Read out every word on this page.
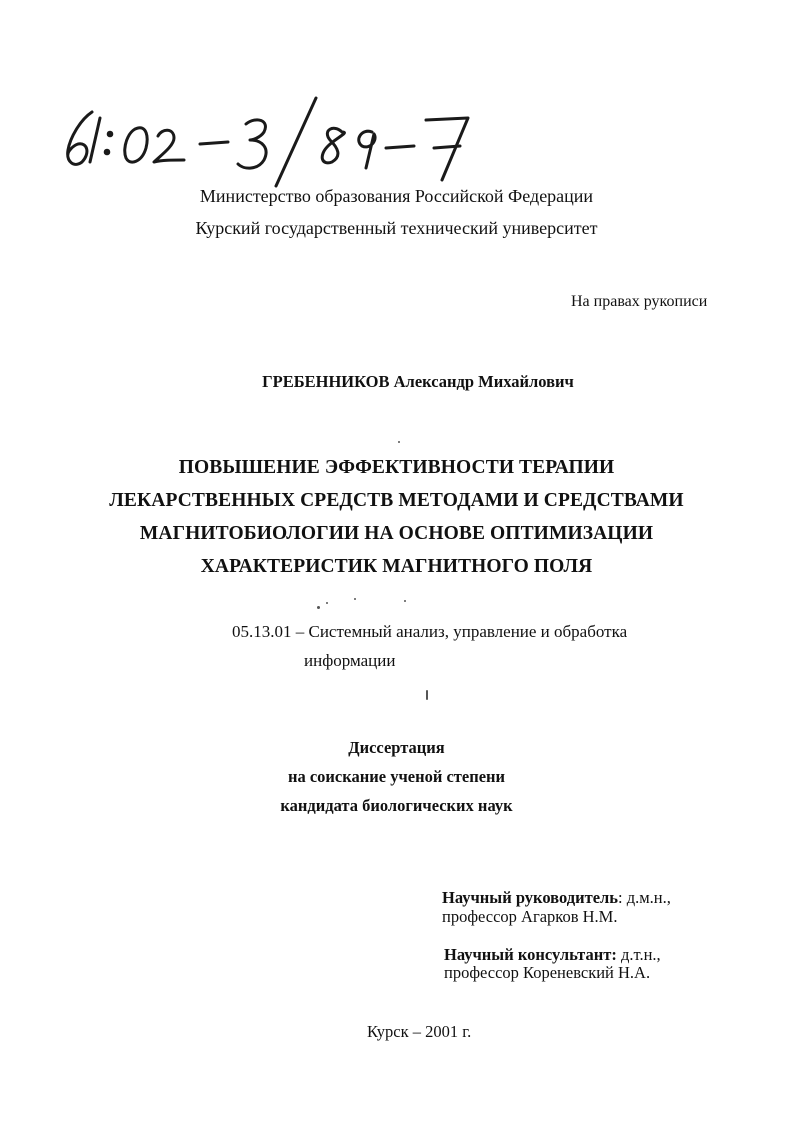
Министерство образования Российской Федерации
Курский государственный технический университет
На правах рукописи
ГРЕБЕННИКОВ Александр Михайлович
ПОВЫШЕНИЕ ЭФФЕКТИВНОСТИ ТЕРАПИИ
ЛЕКАРСТВЕННЫХ СРЕДСТВ МЕТОДАМИ И СРЕДСТВАМИ
МАГНИТОБИОЛОГИИ НА ОСНОВЕ ОПТИМИЗАЦИИ
ХАРАКТЕРИСТИК МАГНИТНОГО ПОЛЯ
05.13.01 – Системный анализ, управление и обработка
информации
Диссертация
на соискание ученой степени
кандидата биологических наук
Научный руководитель: д.м.н.,
профессор Агарков Н.М.
Научный консультант: д.т.н.,
профессор Кореневский Н.А.
Курск – 2001 г.
